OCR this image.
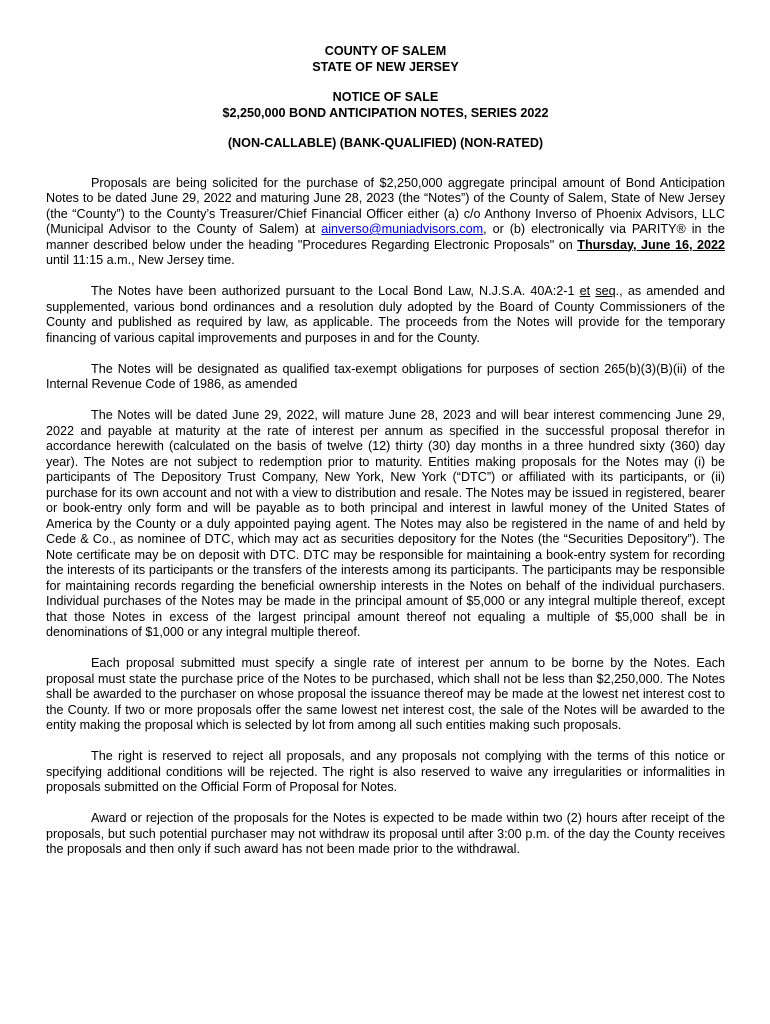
COUNTY OF SALEM

STATE OF NEW JERSEY

NOTICE OF SALE

$2,250,000 BOND ANTICIPATION NOTES, SERIES 2022

(NON-CALLABLE) (BANK-QUALIFIED) (NON-RATED)

Proposals are being solicited for the purchase of $2,250,000 aggregate principal amount of Bond Anticipation Notes to be dated June 29, 2022 and maturing June 28, 2023 (the “Notes”) of the County of Salem, State of New Jersey (the “County”) to the County’s Treasurer/Chief Financial Officer either (a) c/o Anthony Inverso of Phoenix Advisors, LLC (Municipal Advisor to the County of Salem) at ainverso@muniadvisors.com, or (b) electronically via PARITY® in the manner described below under the heading "Procedures Regarding Electronic Proposals" on Thursday, June 16, 2022 until 11:15 a.m., New Jersey time.

The Notes have been authorized pursuant to the Local Bond Law, N.J.S.A. 40A:2-1 et seq., as amended and supplemented, various bond ordinances and a resolution duly adopted by the Board of County Commissioners of the County and published as required by law, as applicable. The proceeds from the Notes will provide for the temporary financing of various capital improvements and purposes in and for the County.

The Notes will be designated as qualified tax-exempt obligations for purposes of section 265(b)(3)(B)(ii) of the Internal Revenue Code of 1986, as amended

The Notes will be dated June 29, 2022, will mature June 28, 2023 and will bear interest commencing June 29, 2022 and payable at maturity at the rate of interest per annum as specified in the successful proposal therefor in accordance herewith (calculated on the basis of twelve (12) thirty (30) day months in a three hundred sixty (360) day year). The Notes are not subject to redemption prior to maturity. Entities making proposals for the Notes may (i) be participants of The Depository Trust Company, New York, New York (“DTC”) or affiliated with its participants, or (ii) purchase for its own account and not with a view to distribution and resale. The Notes may be issued in registered, bearer or book-entry only form and will be payable as to both principal and interest in lawful money of the United States of America by the County or a duly appointed paying agent. The Notes may also be registered in the name of and held by Cede & Co., as nominee of DTC, which may act as securities depository for the Notes (the “Securities Depository”). The Note certificate may be on deposit with DTC. DTC may be responsible for maintaining a book-entry system for recording the interests of its participants or the transfers of the interests among its participants. The participants may be responsible for maintaining records regarding the beneficial ownership interests in the Notes on behalf of the individual purchasers. Individual purchases of the Notes may be made in the principal amount of $5,000 or any integral multiple thereof, except that those Notes in excess of the largest principal amount thereof not equaling a multiple of $5,000 shall be in denominations of $1,000 or any integral multiple thereof.

Each proposal submitted must specify a single rate of interest per annum to be borne by the Notes. Each proposal must state the purchase price of the Notes to be purchased, which shall not be less than $2,250,000. The Notes shall be awarded to the purchaser on whose proposal the issuance thereof may be made at the lowest net interest cost to the County. If two or more proposals offer the same lowest net interest cost, the sale of the Notes will be awarded to the entity making the proposal which is selected by lot from among all such entities making such proposals.

The right is reserved to reject all proposals, and any proposals not complying with the terms of this notice or specifying additional conditions will be rejected. The right is also reserved to waive any irregularities or informalities in proposals submitted on the Official Form of Proposal for Notes.

Award or rejection of the proposals for the Notes is expected to be made within two (2) hours after receipt of the proposals, but such potential purchaser may not withdraw its proposal until after 3:00 p.m. of the day the County receives the proposals and then only if such award has not been made prior to the withdrawal.
